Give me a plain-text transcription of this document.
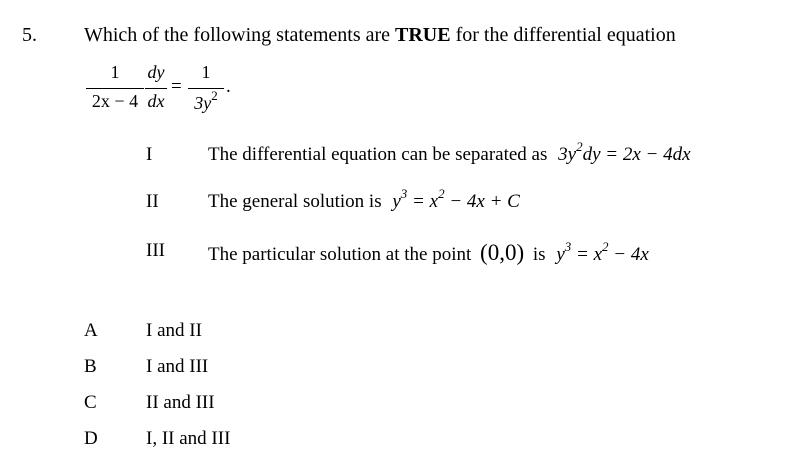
5. Which of the following statements are TRUE for the differential equation
1
2x − 4
dy
dx
=
1
$3y^2$ .
I	The differential equation can be separated as $3y^2dy = 2x - 4dx$
II	The general solution is $y^3 = x^2 - 4x + C$
III The particular solution at the point (0,0) is $y^3 = x^2 - 4x$
A	I and II
B	I and III
C	II and III
D	I, II and III
